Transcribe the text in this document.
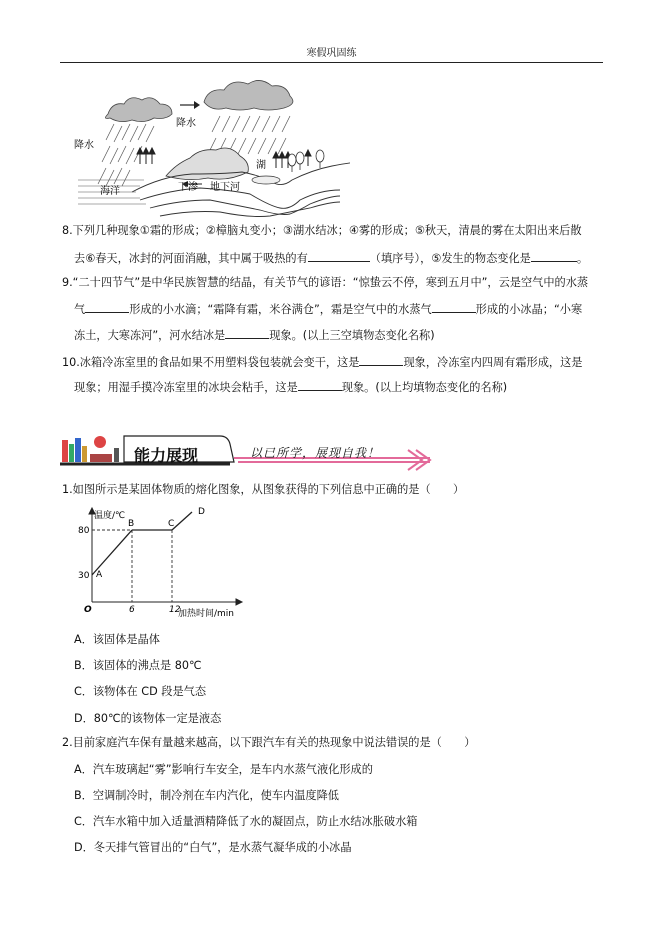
寒假巩固练
降水
降水
湖
海洋	下渗 地下河
8.下列几种现象①霜的形成；②樟脑丸变小；③湖水结冰；④雾的形成；⑤秋天，清晨的雾在太阳出来后散
去⑥春天，冰封的河面消融，其中属于吸热的有	（填序号），⑤发生的物态变化是	。
9.“二十四节气”是中华民族智慧的结晶，有关节气的谚语：“惊蛰云不停，寒到五月中”，云是空气中的水蒸
气	形成的小水滴；“霜降有霜，米谷满仓”，霜是空气中的水蒸气	形成的小冰晶；“小寒
冻土，大寒冻河”，河水结冰是	现象。(以上三空填物态变化名称)
10.冰箱冷冻室里的食品如果不用塑料袋包装就会变干，这是	现象，冷冻室内四周有霜形成，这是
现象；用湿手摸冷冻室里的冰块会粘手，这是	现象。(以上均填物态变化的名称)
能力展现	以已所学，展现自我！
1.如图所示是某固体物质的熔化图象，从图象获得的下列信息中正确的是（　　）
温度/℃
加热时间/min
O	6	12
30
80
A
B	C
D
A．该固体是晶体
B．该固体的沸点是 80℃
C．该物体在 CD 段是气态
D．80℃的该物体一定是液态
2.目前家庭汽车保有量越来越高，以下跟汽车有关的热现象中说法错误的是（　　）
A．汽车玻璃起“雾”影响行车安全，是车内水蒸气液化形成的
B．空调制冷时，制冷剂在车内汽化，使车内温度降低
C．汽车水箱中加入适量酒精降低了水的凝固点，防止水结冰胀破水箱
D．冬天排气管冒出的“白气”，是水蒸气凝华成的小冰晶
